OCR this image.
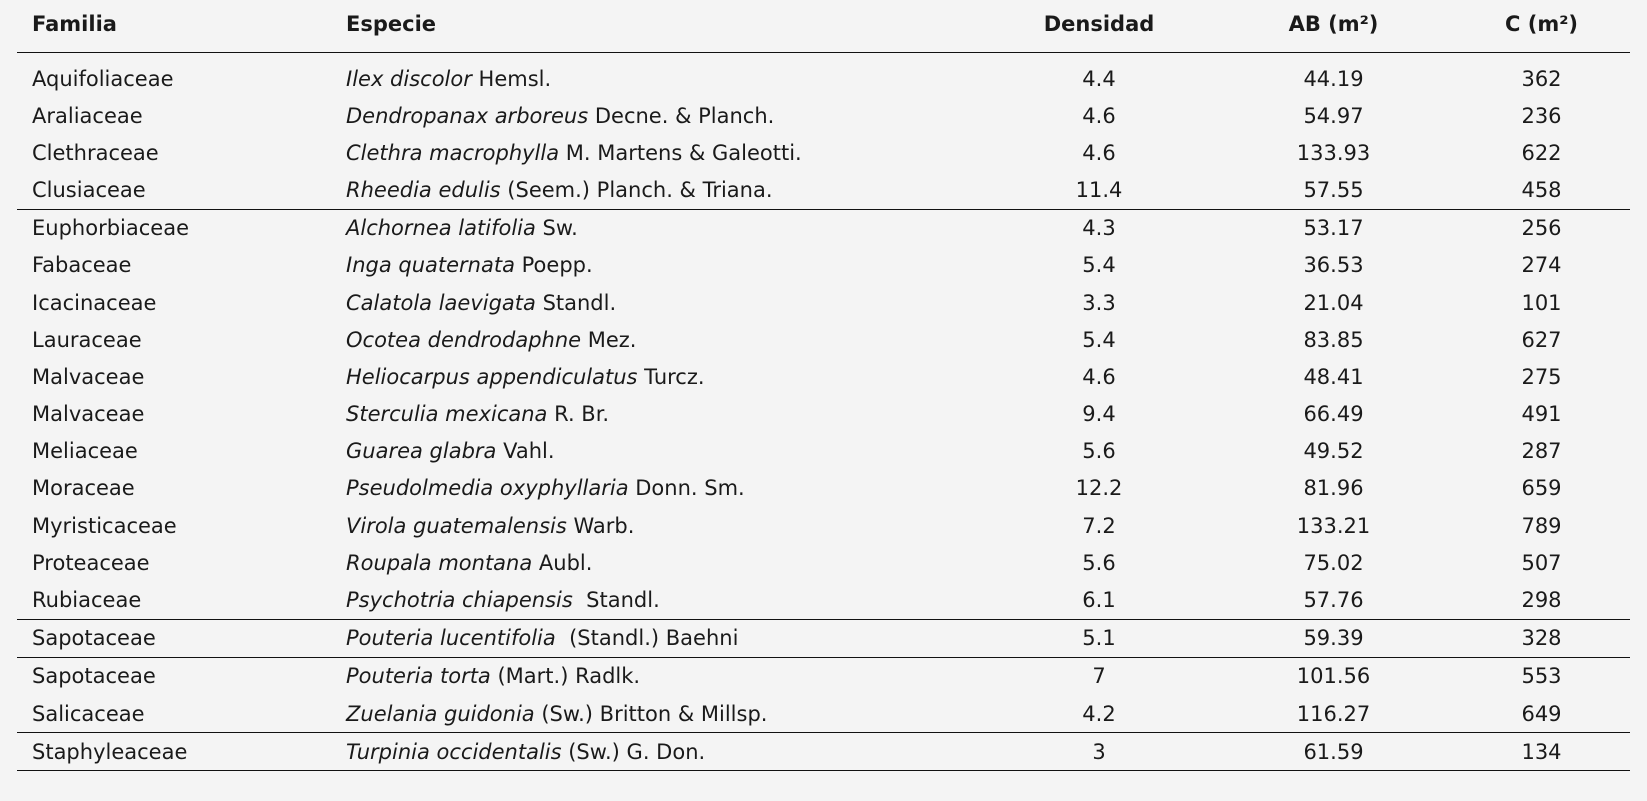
Familia	Especie	Densidad	AB (m²)	C (m²)
Aquifoliaceae	Ilex discolor Hemsl.	4.4	44.19	362
Araliaceae	Dendropanax arboreus Decne. & Planch.	4.6	54.97	236
Clethraceae	Clethra macrophylla M. Martens & Galeotti.	4.6	133.93	622
Clusiaceae	Rheedia edulis (Seem.) Planch. & Triana.	11.4	57.55	458
Euphorbiaceae	Alchornea latifolia Sw.	4.3	53.17	256
Fabaceae	Inga quaternata Poepp.	5.4	36.53	274
Icacinaceae	Calatola laevigata Standl.	3.3	21.04	101
Lauraceae	Ocotea dendrodaphne Mez.	5.4	83.85	627
Malvaceae	Heliocarpus appendiculatus Turcz.	4.6	48.41	275
Malvaceae	Sterculia mexicana R. Br.	9.4	66.49	491
Meliaceae	Guarea glabra Vahl.	5.6	49.52	287
Moraceae	Pseudolmedia oxyphyllaria Donn. Sm.	12.2	81.96	659
Myristicaceae	Virola guatemalensis Warb.	7.2	133.21	789
Proteaceae	Roupala montana Aubl.	5.6	75.02	507
Rubiaceae	Psychotria chiapensis  Standl.	6.1	57.76	298
Sapotaceae	Pouteria lucentifolia  (Standl.) Baehni	5.1	59.39	328
Sapotaceae	Pouteria torta (Mart.) Radlk.	7	101.56	553
Salicaceae	Zuelania guidonia (Sw.) Britton & Millsp.	4.2	116.27	649
Staphyleaceae	Turpinia occidentalis (Sw.) G. Don.	3	61.59	134
